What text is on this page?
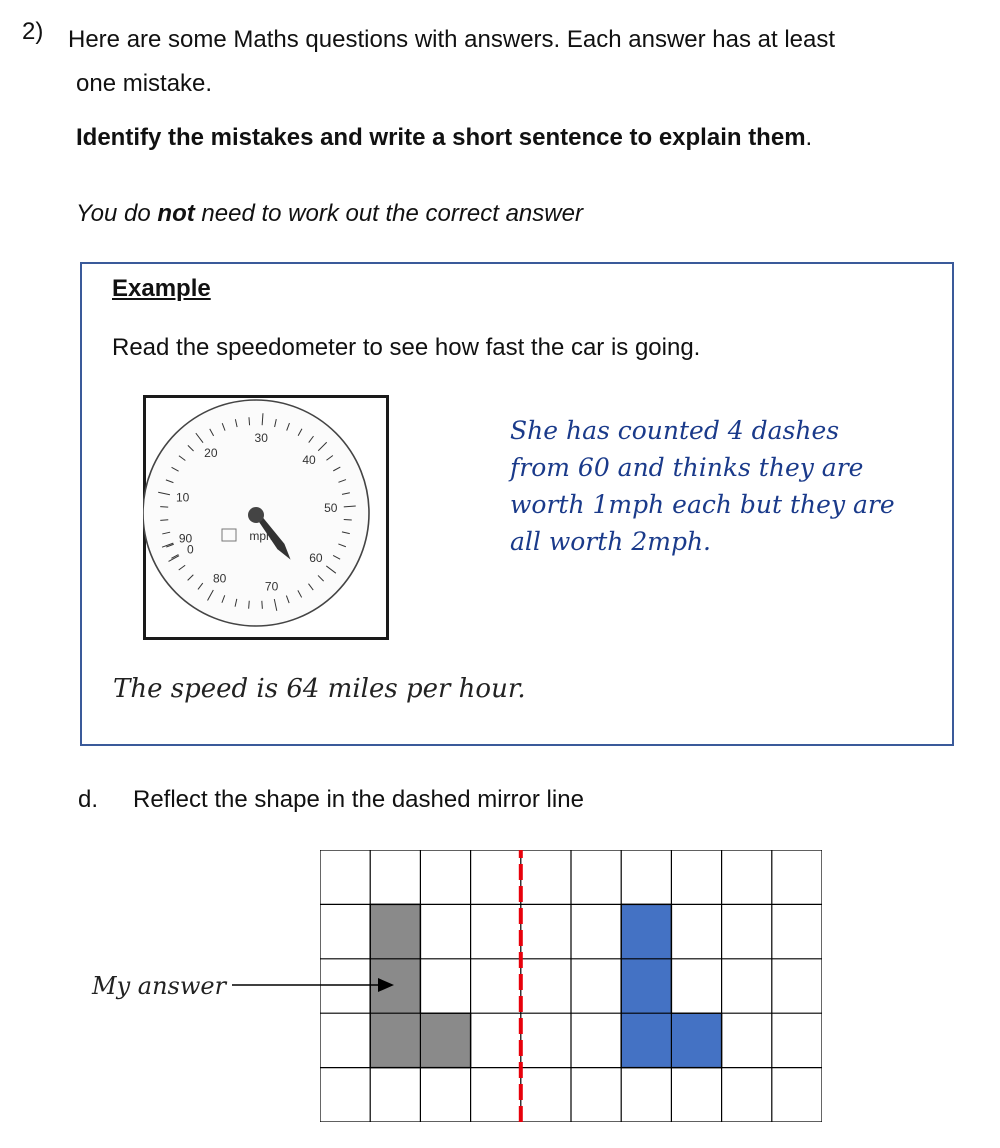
2) Here are some Maths questions with answers. Each answer has at least
one mistake.
Identify the mistakes and write a short sentence to explain them.
You do not need to work out the correct answer
Example
Read the speedometer to see how fast the car is going.
0
10
20
30
40
50
60
70
80
90	mph
She has counted 4 dashes
from 60 and thinks they are
worth 1mph each but they are
all worth 2mph.
The speed is 64 miles per hour.
d. Reflect the shape in the dashed mirror line
My answer
